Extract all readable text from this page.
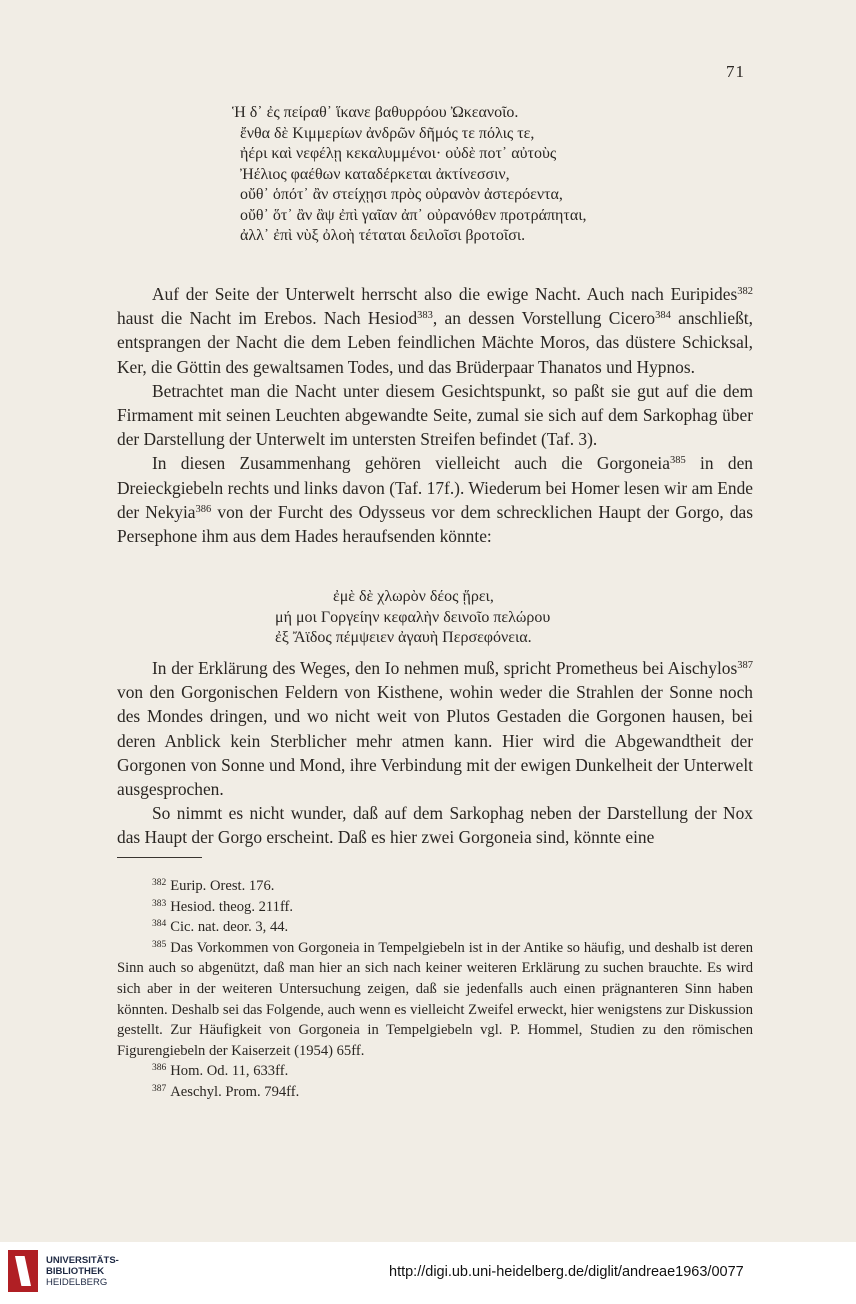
71
Ἡ δ᾽ ἐς πείραθ᾽ ἵκανε βαθυρρόου Ὠκεανοῖο.
ἔνθα δὲ Κιμμερίων ἀνδρῶν δῆμός τε πόλις τε,
ἠέρι καὶ νεφέλῃ κεκαλυμμένοι· οὐδὲ ποτ᾽ αὐτοὺς
Ἠέλιος φαέθων καταδέρκεται ἀκτίνεσσιν,
οὔθ᾽ ὁπότ᾽ ἂν στείχῃσι πρὸς οὐρανὸν ἀστερόεντα,
οὔθ᾽ ὅτ᾽ ἂν ἂψ ἐπὶ γαῖαν ἀπ᾽ οὐρανόθεν προτράπηται,
ἀλλ᾽ ἐπὶ νὺξ ὀλοὴ τέταται δειλοῖσι βροτοῖσι.

Auf der Seite der Unterwelt herrscht also die ewige Nacht. Auch nach Euripides$^{382}$ haust die Nacht im Erebos. Nach Hesiod$^{383}$, an dessen Vorstellung Cicero$^{384}$ anschließt, entsprangen der Nacht die dem Leben feindlichen Mächte Moros, das düstere Schicksal, Ker, die Göttin des gewaltsamen Todes, und das Brüderpaar Thanatos und Hypnos.

Betrachtet man die Nacht unter diesem Gesichtspunkt, so paßt sie gut auf die dem Firmament mit seinen Leuchten abgewandte Seite, zumal sie sich auf dem Sarkophag über der Darstellung der Unterwelt im untersten Streifen befindet (Taf. 3).

In diesen Zusammenhang gehören vielleicht auch die Gorgoneia$^{385}$ in den Dreieckgiebeln rechts und links davon (Taf. 17f.). Wiederum bei Homer lesen wir am Ende der Nekyia$^{386}$ von der Furcht des Odysseus vor dem schrecklichen Haupt der Gorgo, das Persephone ihm aus dem Hades heraufsenden könnte:

ἐμὲ δὲ χλωρὸν δέος ᾕρει,
μή μοι Γοργείην κεφαλὴν δεινοῖο πελώρου
ἐξ Ἄϊδος πέμψειεν ἀγαυὴ Περσεφόνεια.

In der Erklärung des Weges, den Io nehmen muß, spricht Prometheus bei Aischylos$^{387}$ von den Gorgonischen Feldern von Kisthene, wohin weder die Strahlen der Sonne noch des Mondes dringen, und wo nicht weit von Plutos Gestaden die Gorgonen hausen, bei deren Anblick kein Sterblicher mehr atmen kann. Hier wird die Abgewandtheit der Gorgonen von Sonne und Mond, ihre Verbindung mit der ewigen Dunkelheit der Unterwelt ausgesprochen.

So nimmt es nicht wunder, daß auf dem Sarkophag neben der Darstellung der Nox das Haupt der Gorgo erscheint. Daß es hier zwei Gorgoneia sind, könnte eine

$^{382}$ Eurip. Orest. 176.

$^{383}$ Hesiod. theog. 211ff.

$^{384}$ Cic. nat. deor. 3, 44.

$^{385}$ Das Vorkommen von Gorgoneia in Tempelgiebeln ist in der Antike so häufig, und deshalb ist deren Sinn auch so abgenützt, daß man hier an sich nach keiner weiteren Erklärung zu suchen brauchte. Es wird sich aber in der weiteren Untersuchung zeigen, daß sie jedenfalls auch einen prägnanteren Sinn haben könnten. Deshalb sei das Folgende, auch wenn es vielleicht Zweifel erweckt, hier wenigstens zur Diskussion gestellt. Zur Häufigkeit von Gorgoneia in Tempelgiebeln vgl. P. Hommel, Studien zu den römischen Figurengiebeln der Kaiserzeit (1954) 65ff.

$^{386}$ Hom. Od. 11, 633ff.

$^{387}$ Aeschyl. Prom. 794ff.

UNIVERSITÄTS-
BIBLIOTHEK
HEIDELBERG
http://digi.ub.uni-heidelberg.de/diglit/andreae1963/0077
